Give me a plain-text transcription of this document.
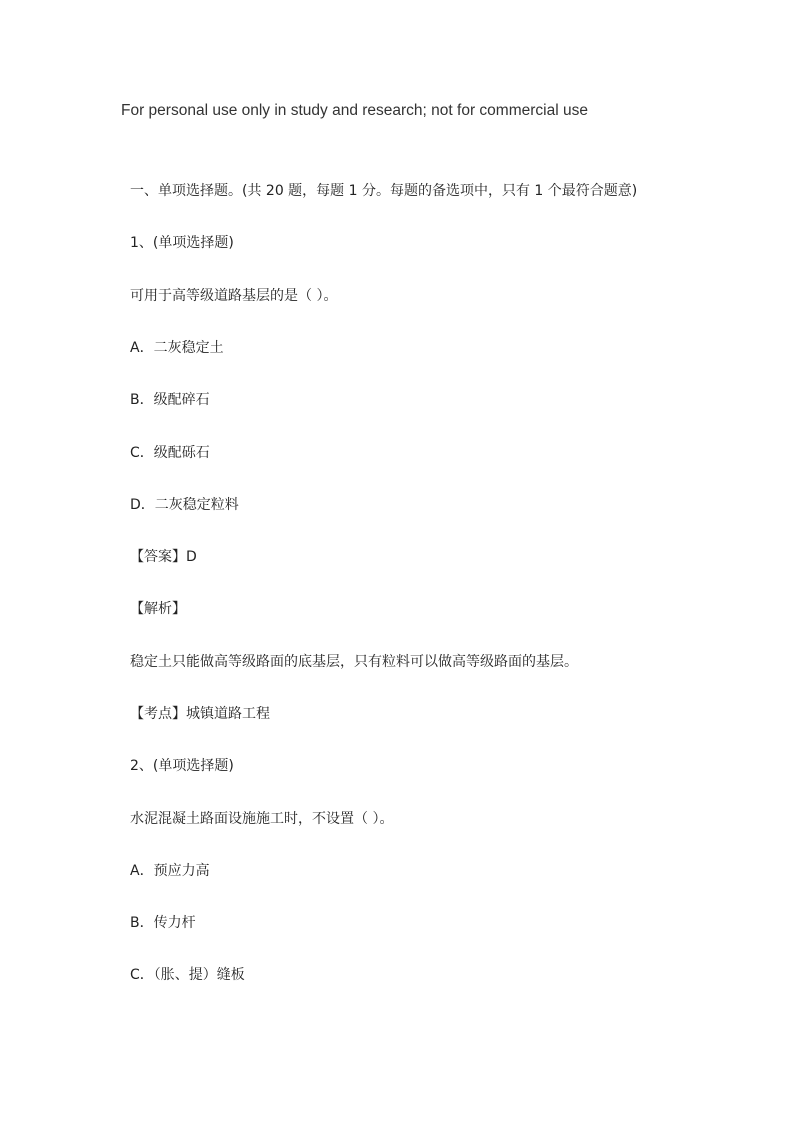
For personal use only in study and research; not for commercial use
一、单项选择题。(共 20 题，每题 1 分。每题的备选项中，只有 1 个最符合题意)
1、(单项选择题)
可用于高等级道路基层的是（ ）。
A．二灰稳定土
B．级配碎石
C．级配砾石
D．二灰稳定粒料
【答案】D
【解析】
稳定土只能做高等级路面的底基层，只有粒料可以做高等级路面的基层。
【考点】城镇道路工程
2、(单项选择题)
水泥混凝土路面设施施工时，不设置（ ）。
A．预应力高
B．传力杆
C．（胀、提）缝板
